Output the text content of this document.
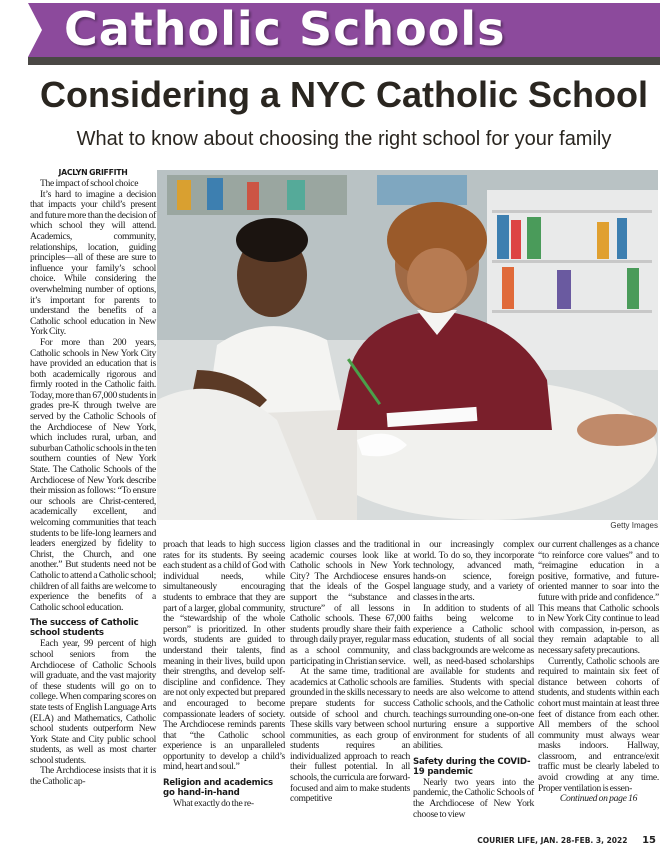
Catholic Schools
Considering a NYC Catholic School
What to know about choosing the right school for your family
Getty Images
JACLYN GRIFFITH

The impact of school choice

It’s hard to imagine a decision that impacts your child’s present and future more than the decision of which school they will attend. Academics, community, relationships, location, guiding principles—all of these are sure to influence your family’s school choice. While considering the overwhelming number of options, it’s important for parents to understand the benefits of a Catholic school education in New York City.

For more than 200 years, Catholic schools in New York City have provided an education that is both academically rigorous and firmly rooted in the Catholic faith. Today, more than 67,000 students in grades pre-K through twelve are served by the Catholic Schools of the Archdiocese of New York, which includes rural, urban, and suburban Catholic schools in the ten southern counties of New York State. The Catholic Schools of the Archdiocese of New York describe their mission as follows: “To ensure our schools are Christ-centered, academically excellent, and welcoming communities that teach students to be life-long learners and leaders energized by fidelity to Christ, the Church, and one another.” But students need not be Catholic to attend a Catholic school; children of all faiths are welcome to experience the benefits of a Catholic school education.

The success of Catholic school students

Each year, 99 percent of high school seniors from the Archdiocese of Catholic Schools will graduate, and the vast majority of these students will go on to college. When comparing scores on state tests of English Language Arts (ELA) and Mathematics, Catholic school students outperform New York State and City public school students, as well as most charter school students.

The Archdiocese insists that it is the Catholic ap-

proach that leads to high success rates for its students. By seeing each student as a child of God with individual needs, while simultaneously encouraging students to embrace that they are part of a larger, global community, the “stewardship of the whole person” is prioritized. In other words, students are guided to understand their talents, find meaning in their lives, build upon their strengths, and develop self-discipline and confidence. They are not only expected but prepared and encouraged to become compassionate leaders of society. The Archdiocese reminds parents that “the Catholic school experience is an unparalleled opportunity to develop a child’s mind, heart and soul.”

Religion and academics go hand-in-hand

What exactly do the re-

ligion classes and the traditional academic courses look like at Catholic schools in New York City? The Archdiocese ensures that the ideals of the Gospel support the “substance and structure” of all lessons in Catholic schools. These 67,000 students proudly share their faith through daily prayer, regular mass as a school community, and participating in Christian service.

At the same time, traditional academics at Catholic schools are grounded in the skills necessary to prepare students for success outside of school and church. These skills vary between school communities, as each group of students requires an individualized approach to reach their fullest potential. In all schools, the curricula are forward-focused and aim to make students competitive

in our increasingly complex world. To do so, they incorporate technology, advanced math, hands-on science, foreign language study, and a variety of classes in the arts.

In addition to students of all faiths being welcome to experience a Catholic school education, students of all social class backgrounds are welcome as well, as need-based scholarships are available for students and families. Students with special needs are also welcome to attend Catholic schools, and the Catholic teachings surrounding one-on-one nurturing ensure a supportive environment for students of all abilities.

Safety during the COVID-19 pandemic

Nearly two years into the pandemic, the Catholic Schools of the Archdiocese of New York choose to view

our current challenges as a chance “to reinforce core values” and to “reimagine education in a positive, formative, and future-oriented manner to soar into the future with pride and confidence.” This means that Catholic schools in New York City continue to lead with compassion, in-person, as they remain adaptable to all necessary safety precautions.

Currently, Catholic schools are required to maintain six feet of distance between cohorts of students, and students within each cohort must maintain at least three feet of distance from each other. All members of the school community must always wear masks indoors. Hallway, classroom, and entrance/exit traffic must be clearly labeled to avoid crowding at any time. Proper ventilation is essen-

Continued on page 16

COURIER LIFE, JAN. 28-FEB. 3, 2022 15
